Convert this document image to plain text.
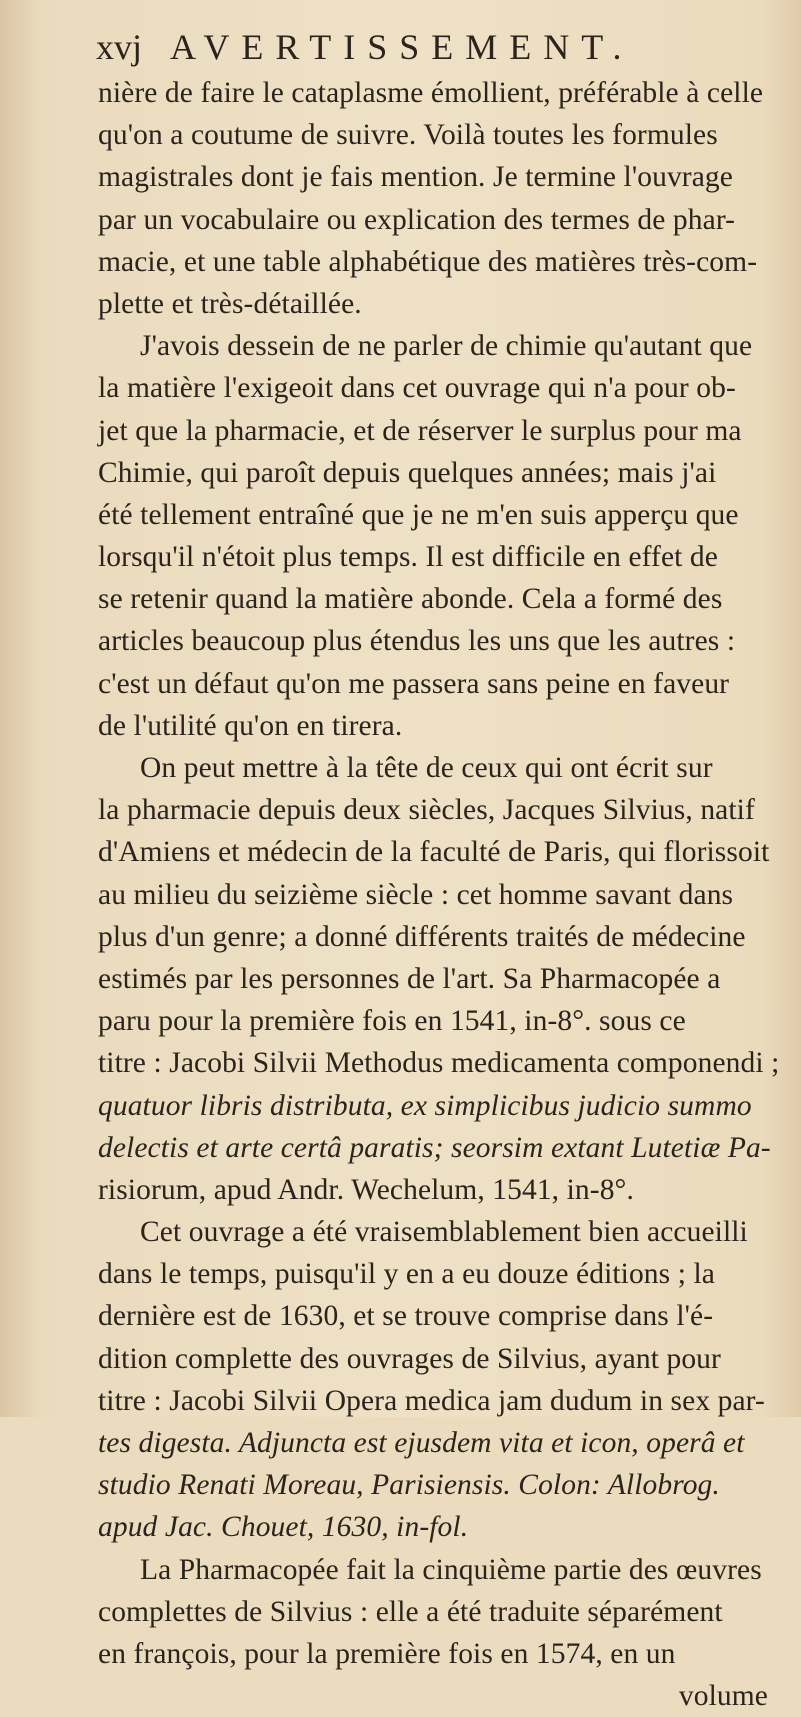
xvj AVERTISSEMENT.
nière de faire le cataplasme émollient, préférable à celle
qu'on a coutume de suivre. Voilà toutes les formules
magistrales dont je fais mention. Je termine l'ouvrage
par un vocabulaire ou explication des termes de phar-
macie, et une table alphabétique des matières très-com-
plette et très-détaillée.
J'avois dessein de ne parler de chimie qu'autant que
la matière l'exigeoit dans cet ouvrage qui n'a pour ob-
jet que la pharmacie, et de réserver le surplus pour ma
Chimie, qui paroît depuis quelques années; mais j'ai
été tellement entraîné que je ne m'en suis apperçu que
lorsqu'il n'étoit plus temps. Il est difficile en effet de
se retenir quand la matière abonde. Cela a formé des
articles beaucoup plus étendus les uns que les autres :
c'est un défaut qu'on me passera sans peine en faveur
de l'utilité qu'on en tirera.
On peut mettre à la tête de ceux qui ont écrit sur
la pharmacie depuis deux siècles, Jacques Silvius, natif
d'Amiens et médecin de la faculté de Paris, qui florissoit
au milieu du seizième siècle : cet homme savant dans
plus d'un genre; a donné différents traités de médecine
estimés par les personnes de l'art. Sa Pharmacopée a
paru pour la première fois en 1541, in-8°. sous ce
titre : Jacobi Silvii Methodus medicamenta componendi ;
quatuor libris distributa, ex simplicibus judicio summo
delectis et arte certâ paratis; seorsim extant Lutetiæ Pa-
risiorum, apud Andr. Wechelum, 1541, in-8°.
Cet ouvrage a été vraisemblablement bien accueilli
dans le temps, puisqu'il y en a eu douze éditions ; la
dernière est de 1630, et se trouve comprise dans l'é-
dition complette des ouvrages de Silvius, ayant pour
titre : Jacobi Silvii Opera medica jam dudum in sex par-
tes digesta. Adjuncta est ejusdem vita et icon, operâ et
studio Renati Moreau, Parisiensis. Colon: Allobrog.
apud Jac. Chouet, 1630, in-fol.
La Pharmacopée fait la cinquième partie des œuvres
complettes de Silvius : elle a été traduite séparément
en françois, pour la première fois en 1574, en un
volume
